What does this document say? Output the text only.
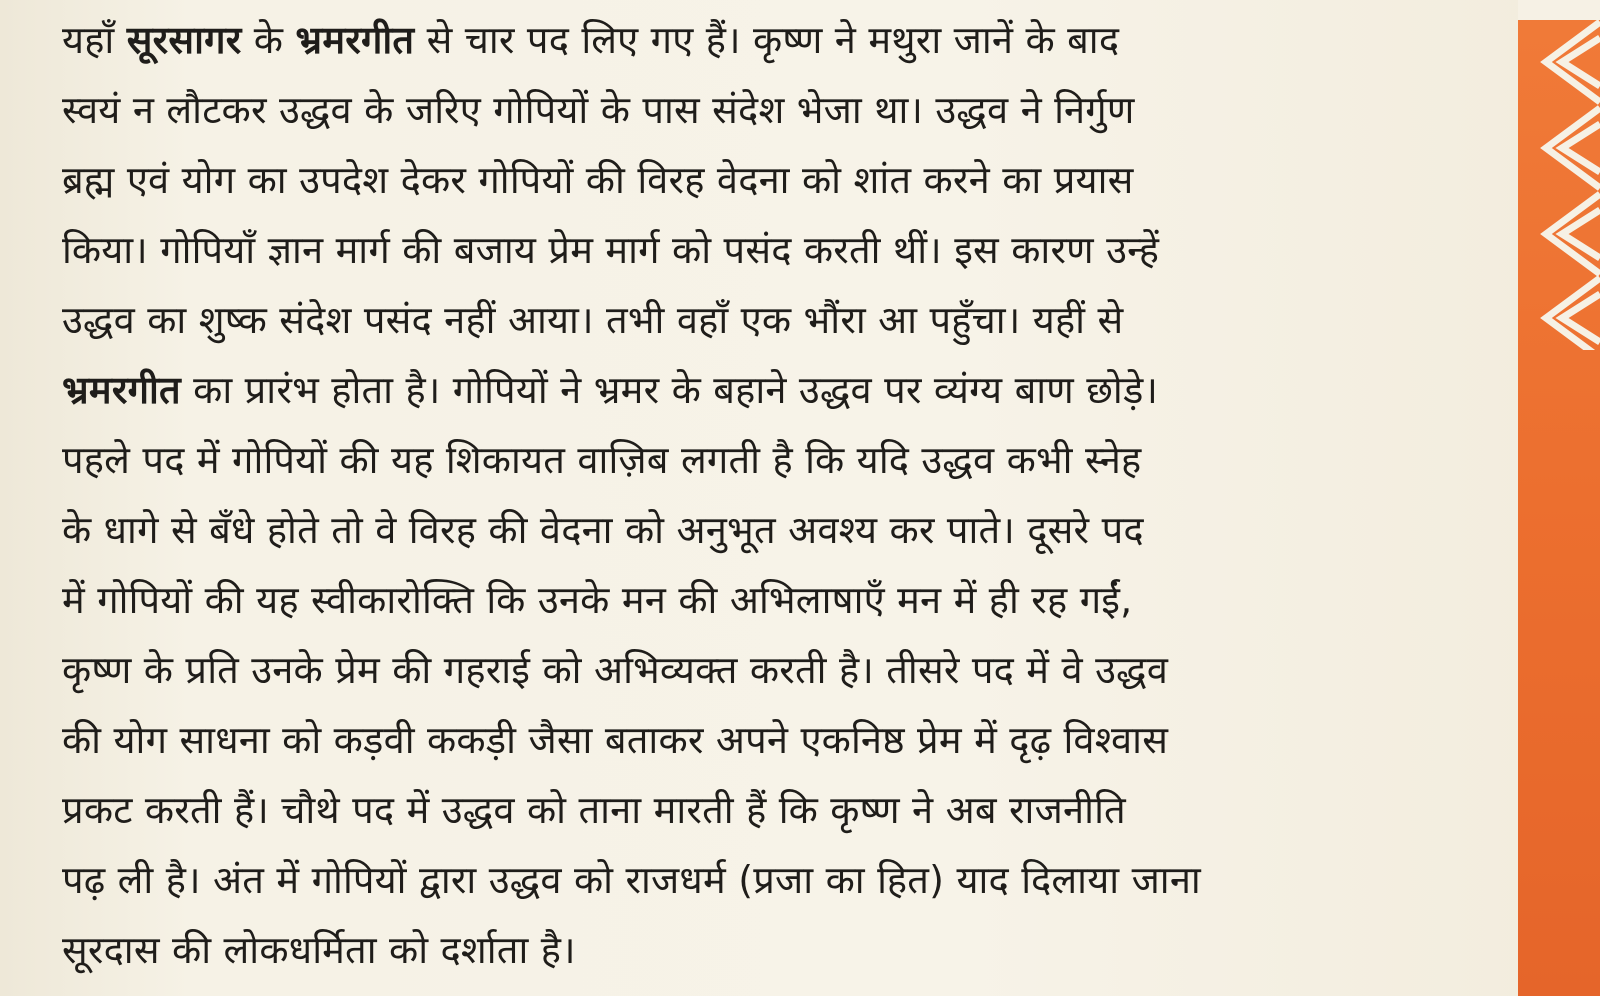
यहाँ सूरसागर के भ्रमरगीत से चार पद लिए गए हैं। कृष्ण ने मथुरा जानें के बाद
स्वयं न लौटकर उद्धव के जरिए गोपियों के पास संदेश भेजा था। उद्धव ने निर्गुण
ब्रह्म एवं योग का उपदेश देकर गोपियों की विरह वेदना को शांत करने का प्रयास
किया। गोपियाँ ज्ञान मार्ग की बजाय प्रेम मार्ग को पसंद करती थीं। इस कारण उन्हें
उद्धव का शुष्क संदेश पसंद नहीं आया। तभी वहाँ एक भौंरा आ पहुँचा। यहीं से
भ्रमरगीत का प्रारंभ होता है। गोपियों ने भ्रमर के बहाने उद्धव पर व्यंग्य बाण छोड़े।
पहले पद में गोपियों की यह शिकायत वाज़िब लगती है कि यदि उद्धव कभी स्नेह
के धागे से बँधे होते तो वे विरह की वेदना को अनुभूत अवश्य कर पाते। दूसरे पद
में गोपियों की यह स्वीकारोक्ति कि उनके मन की अभिलाषाएँ मन में ही रह गईं,
कृष्ण के प्रति उनके प्रेम की गहराई को अभिव्यक्त करती है। तीसरे पद में वे उद्धव
की योग साधना को कड़वी ककड़ी जैसा बताकर अपने एकनिष्ठ प्रेम में दृढ़ विश्वास
प्रकट करती हैं। चौथे पद में उद्धव को ताना मारती हैं कि कृष्ण ने अब राजनीति
पढ़ ली है। अंत में गोपियों द्वारा उद्धव को राजधर्म (प्रजा का हित) याद दिलाया जाना
सूरदास की लोकधर्मिता को दर्शाता है।
